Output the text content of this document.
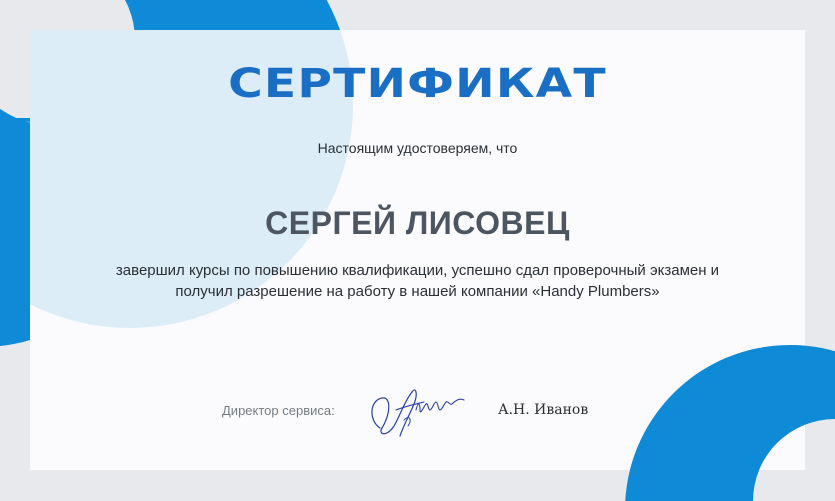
СЕРТИФИКАТ
Настоящим удостоверяем, что
СЕРГЕЙ ЛИСОВЕЦ
завершил курсы по повышению квалификации, успешно сдал проверочный экзамен и получил разрешение на работу в нашей компании «Handy Plumbers»
Директор сервиса:	А.Н. Иванов
